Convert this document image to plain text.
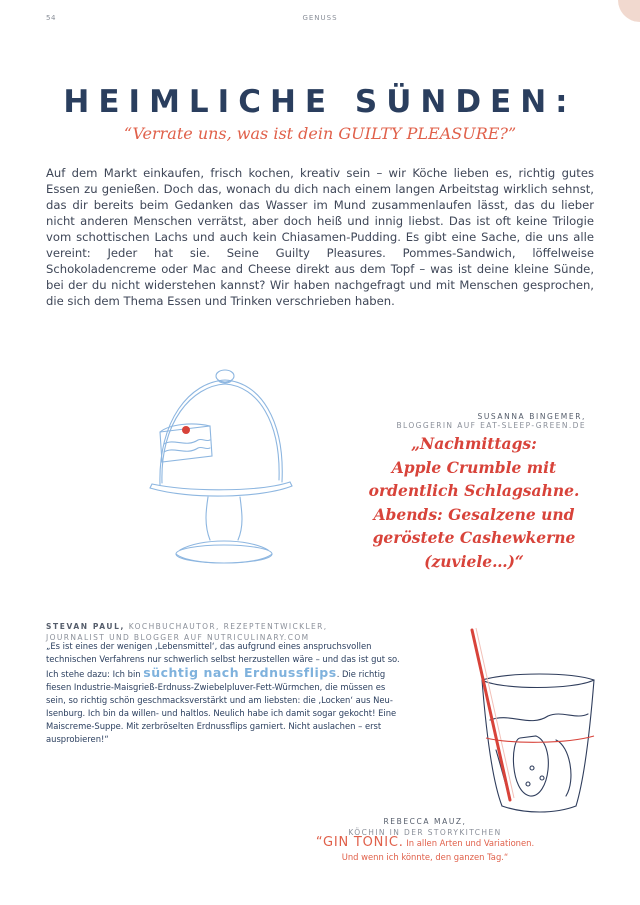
54	GENUSS
HEIMLICHE SÜNDEN:
“Verrate uns, was ist dein GUILTY PLEASURE?”

Auf dem Markt einkaufen, frisch kochen, kreativ sein – wir Köche lieben es, richtig gutes Essen zu genießen. Doch das, wonach du dich nach einem langen Arbeitstag wirklich sehnst, das dir bereits beim Gedanken das Wasser im Mund zusammenlaufen lässt, das du lieber nicht anderen Menschen verrätst, aber doch heiß und innig liebst. Das ist oft keine Trilogie vom schottischen Lachs und auch kein Chiasamen-Pudding. Es gibt eine Sache, die uns alle vereint: Jeder hat sie. Seine Guilty Pleasures. Pommes-Sandwich, löffelweise Schokoladencreme oder Mac and Cheese direkt aus dem Topf – was ist deine kleine Sünde, bei der du nicht widerstehen kannst? Wir haben nachgefragt und mit Menschen gesprochen, die sich dem Thema Essen und Trinken verschrieben haben.

SUSANNA BINGEMER,
BLOGGERIN AUF EAT-SLEEP-GREEN.DE
„Nachmittags:
Apple Crumble mit
ordentlich Schlagsahne.
Abends: Gesalzene und
geröstete Cashewkerne
(zuviele…)“
STEVAN PAUL, KOCHBUCHAUTOR, REZEPTENTWICKLER,
JOURNALIST UND BLOGGER AUF NUTRICULINARY.COM
„Es ist eines der wenigen ‚Lebensmittel‘, das aufgrund eines anspruchsvollen technischen Verfahrens nur schwerlich selbst herzustellen wäre – und das ist gut so. Ich stehe dazu: Ich bin süchtig nach Erdnussflips. Die richtig fiesen Industrie-Maisgrieß-Erdnuss-Zwiebelpluver-Fett-Würmchen, die müssen es sein, so richtig schön geschmacksverstärkt und am liebsten: die ‚Locken‘ aus Neu-Isenburg. Ich bin da willen- und haltlos. Neulich habe ich damit sogar gekocht! Eine Maiscreme-Suppe. Mit zerbröselten Erdnussflips garniert. Nicht auslachen – erst ausprobieren!“
REBECCA MAUZ,
KÖCHIN IN DER STORYKITCHEN
“GIN TONIC. In allen Arten und Variationen.
Und wenn ich könnte, den ganzen Tag.“
